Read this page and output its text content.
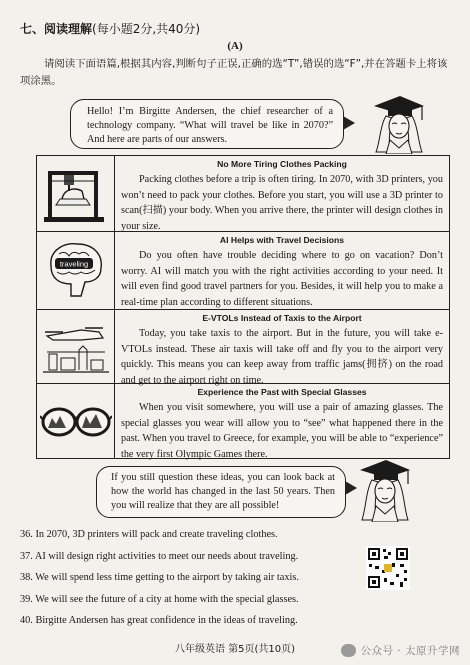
七、阅读理解(每小题2分,共40分)
(A)
请阅读下面语篇,根据其内容,判断句子正误,正确的选“T”,错误的选“F”,并在答题卡上将该项涂黑。
Hello! I’m Birgitte Andersen, the chief researcher of a technology company. “What will travel be like in 2070?” And here are parts of our answers.
No More Tiring Clothes Packing
Packing clothes before a trip is often tiring. In 2070, with 3D printers, you won’t need to pack your clothes. Before you start, you will use a 3D printer to scan(扫描) your body. When you arrive there, the printer will design clothes in your size.
traveling
AI Helps with Travel Decisions
Do you often have trouble deciding where to go on vacation? Don’t worry. AI will match you with the right activities according to your need. It will even find good travel partners for you. Besides, it will help you to make a real-time plan according to different situations.
E-VTOLs Instead of Taxis to the Airport
Today, you take taxis to the airport. But in the future, you will take e-VTOLs instead. These air taxis will take off and fly you to the airport very quickly. This means you can keep away from traffic jams(拥挤) on the road and get to the airport right on time.
Experience the Past with Special Glasses
When you visit somewhere, you will use a pair of amazing glasses. The special glasses you wear will allow you to “see” what happened there in the past. When you travel to Greece, for example, you will be able to “experience” the very first Olympic Games there.
If you still question these ideas, you can look back at how the world has changed in the last 50 years. Then you will realize that they are all possible!
36. In 2070, 3D printers will pack and create traveling clothes.
37. AI will design right activities to meet our needs about traveling.
38. We will spend less time getting to the airport by taking air taxis.
39. We will see the future of a city at home with the special glasses.
40. Birgitte Andersen has great confidence in the ideas of traveling.
八年级英语 第5页(共10页)	公众号 · 太原升学网
